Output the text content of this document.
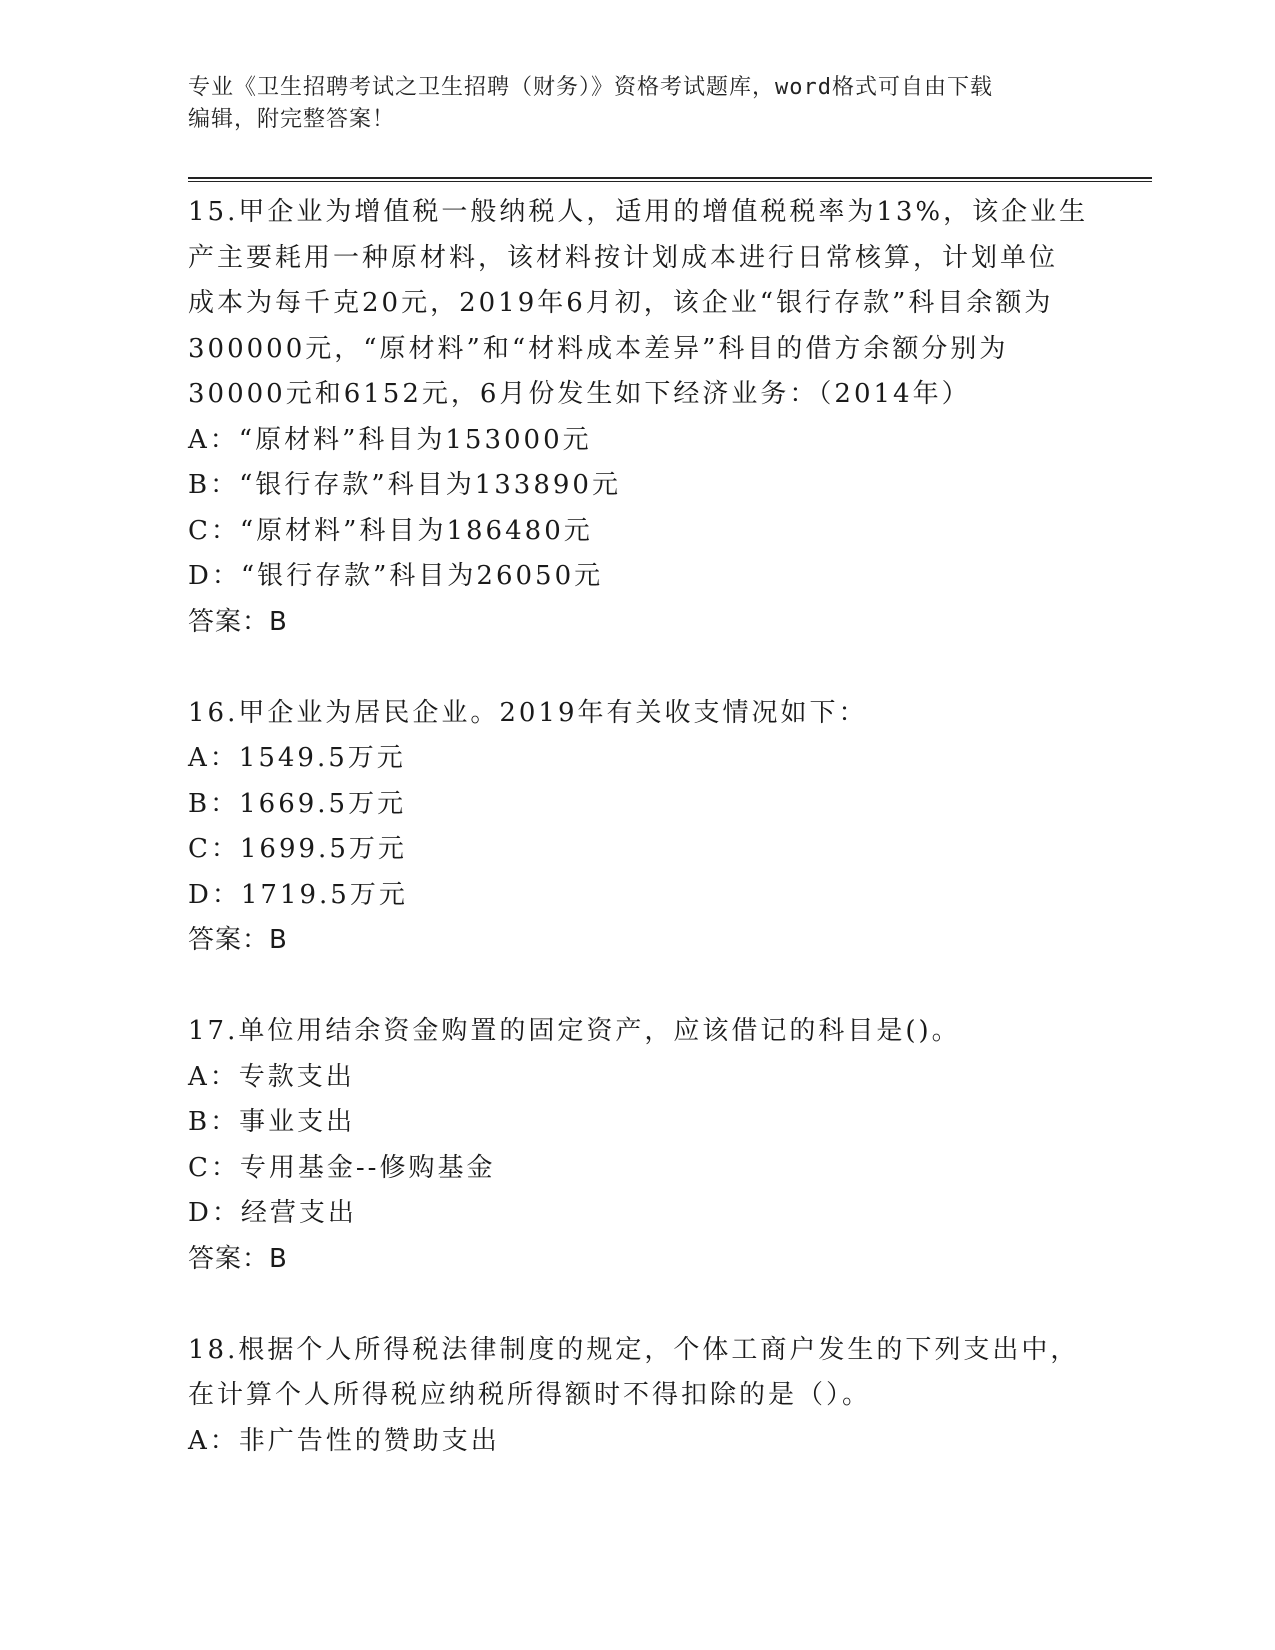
专业《卫生招聘考试之卫生招聘（财务）》资格考试题库，word格式可自由下载
编辑，附完整答案！
15.甲企业为增值税一般纳税人，适用的增值税税率为13%，该企业生
产主要耗用一种原材料，该材料按计划成本进行日常核算，计划单位
成本为每千克20元，2019年6月初，该企业“银行存款”科目余额为
300000元，“原材料”和“材料成本差异”科目的借方余额分别为
30000元和6152元，6月份发生如下经济业务：（2014年）
A：“原材料”科目为153000元
B：“银行存款”科目为133890元
C：“原材料”科目为186480元
D：“银行存款”科目为26050元
答案：B
16.甲企业为居民企业。2019年有关收支情况如下：
A：1549.5万元
B：1669.5万元
C：1699.5万元
D：1719.5万元
答案：B
17.单位用结余资金购置的固定资产，应该借记的科目是()。
A：专款支出
B：事业支出
C：专用基金--修购基金
D：经营支出
答案：B
18.根据个人所得税法律制度的规定，个体工商户发生的下列支出中，
在计算个人所得税应纳税所得额时不得扣除的是（）。
A：非广告性的赞助支出
